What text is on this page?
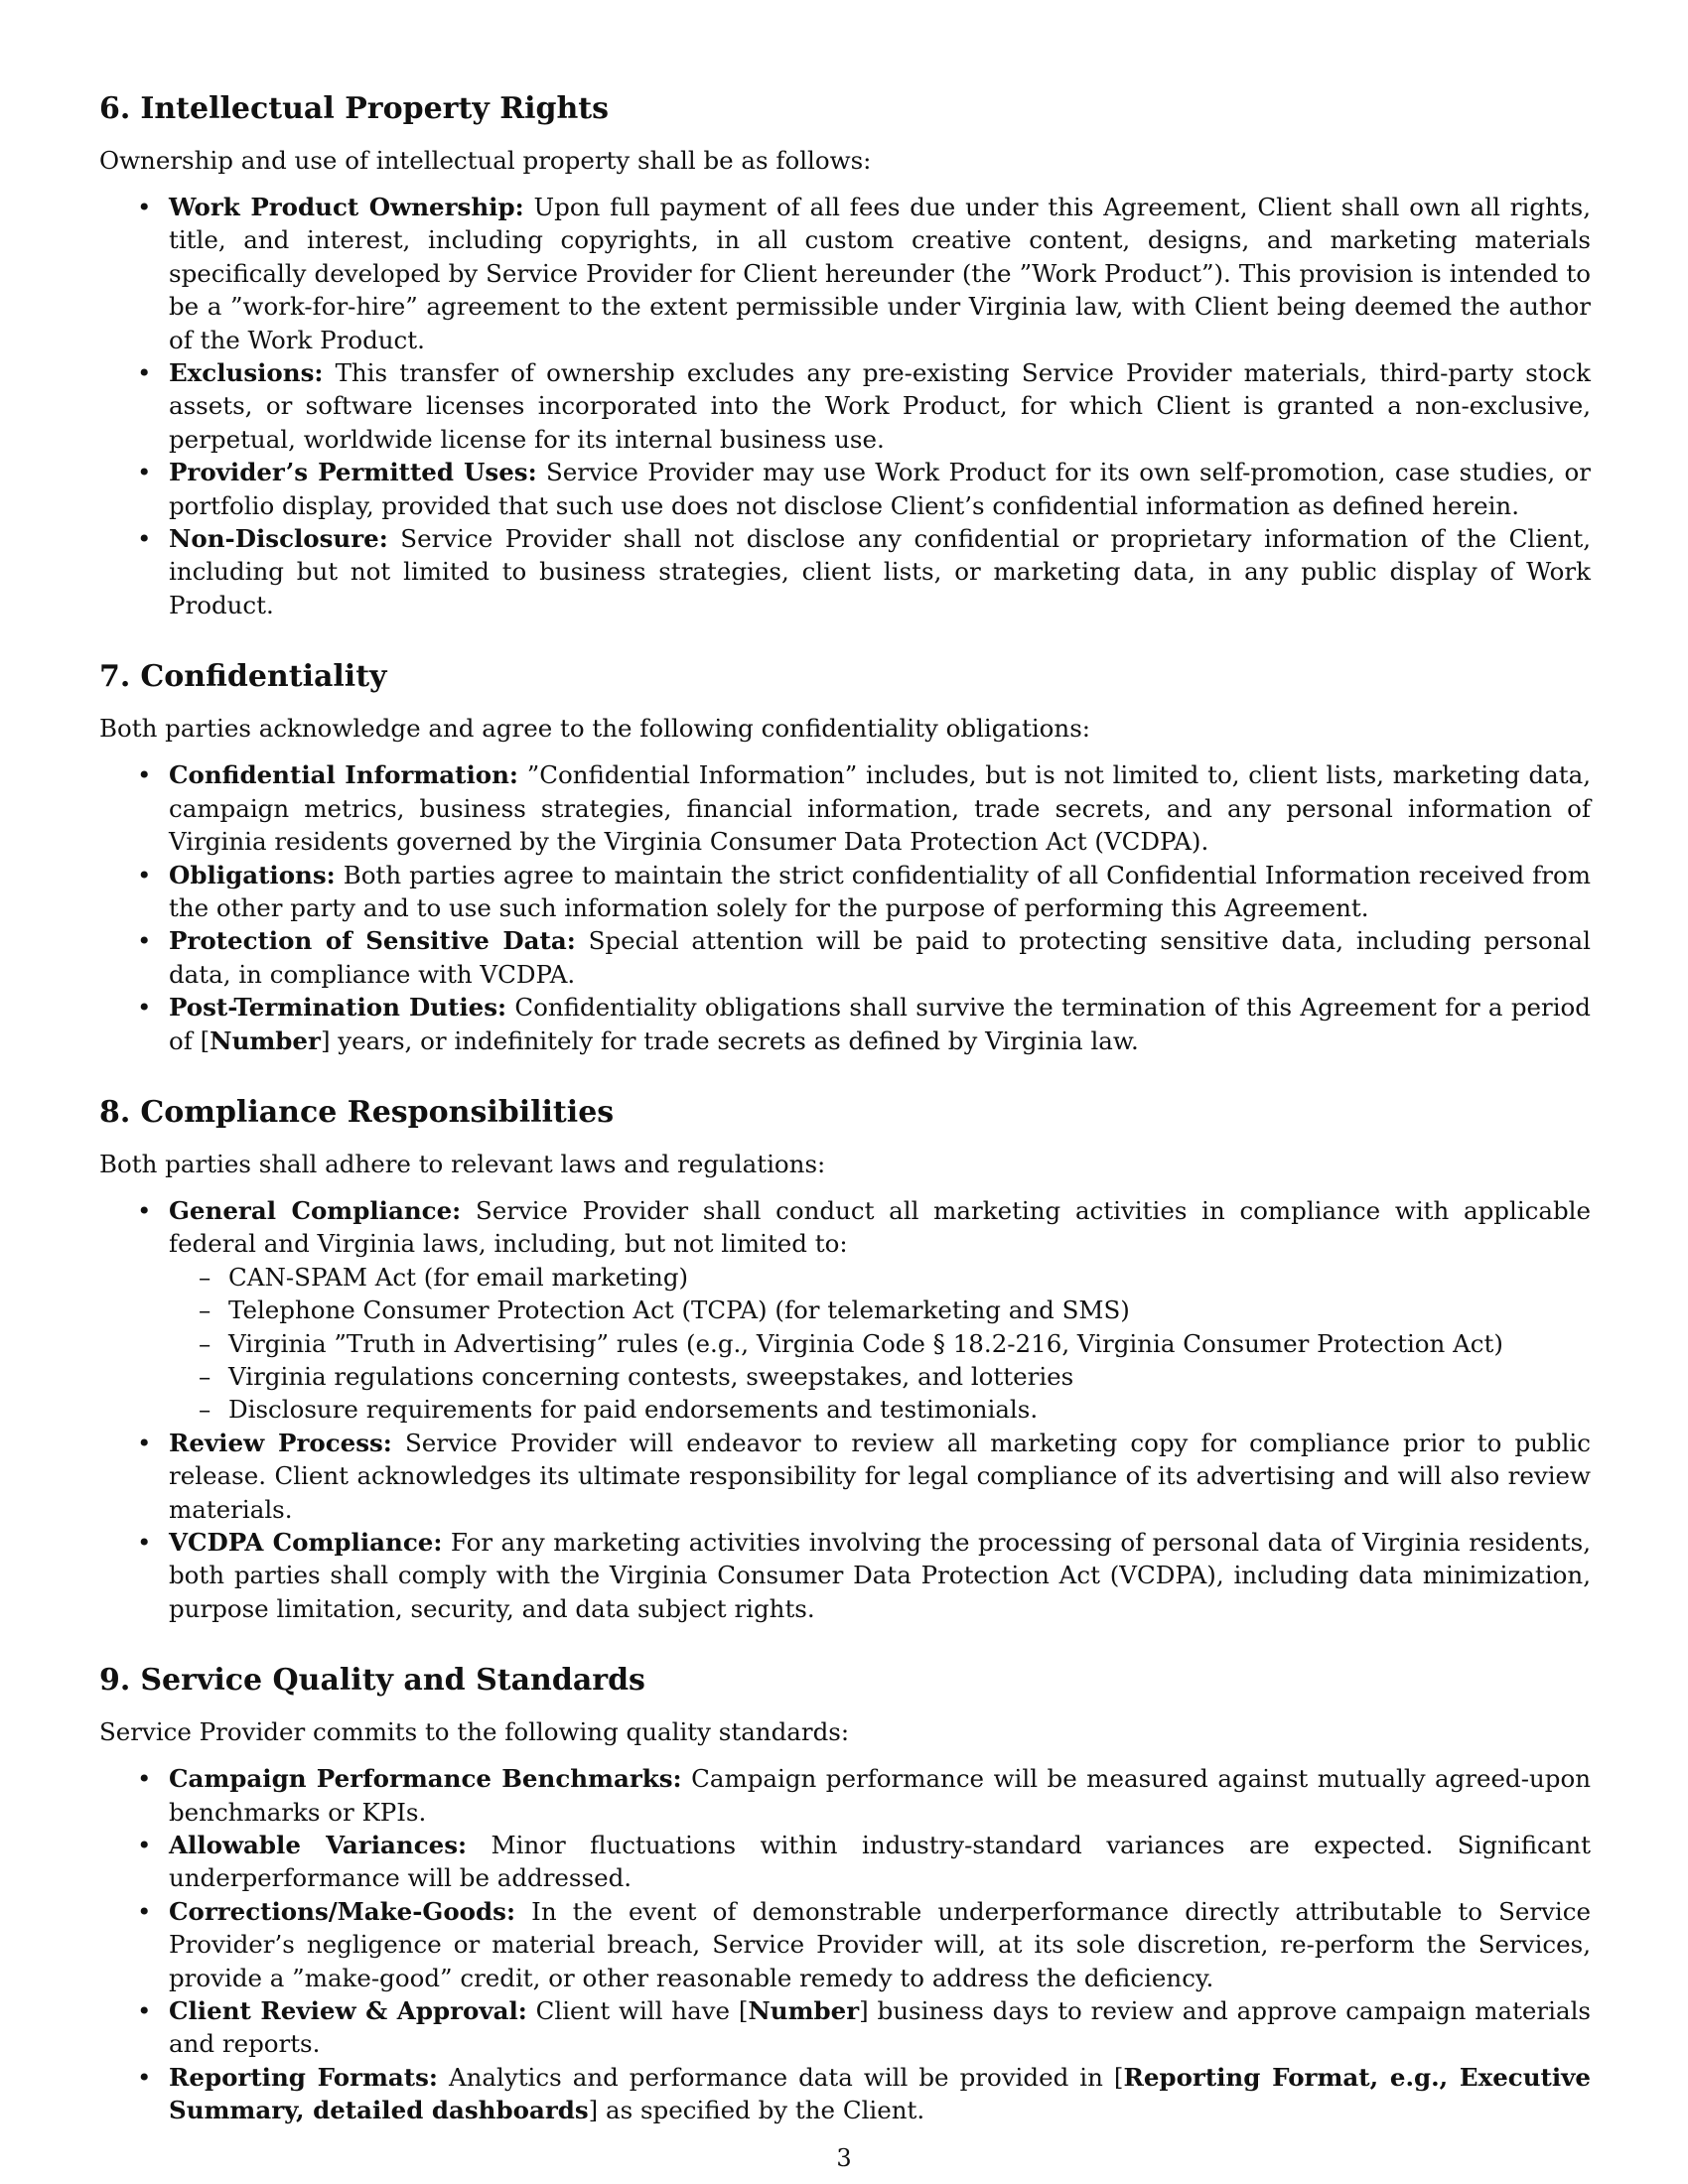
6. Intellectual Property Rights

Ownership and use of intellectual property shall be as follows:

• Work Product Ownership: Upon full payment of all fees due under this Agreement, Client shall own all rights, title, and interest, including copyrights, in all custom creative content, designs, and marketing materials specifically developed by Service Provider for Client hereunder (the ”Work Product”). This provision is intended to be a ”work-for-hire” agreement to the extent permissible under Virginia law, with Client being deemed the author of the Work Product.
• Exclusions: This transfer of ownership excludes any pre-existing Service Provider materials, third-party stock assets, or software licenses incorporated into the Work Product, for which Client is granted a non-exclusive, perpetual, worldwide license for its internal business use.
• Provider’s Permitted Uses: Service Provider may use Work Product for its own self-promotion, case studies, or portfolio display, provided that such use does not disclose Client’s confidential information as defined herein.
• Non-Disclosure: Service Provider shall not disclose any confidential or proprietary information of the Client, including but not limited to business strategies, client lists, or marketing data, in any public display of Work Product.
7. Confidentiality

Both parties acknowledge and agree to the following confidentiality obligations:

• Confidential Information: ”Confidential Information” includes, but is not limited to, client lists, marketing data, campaign metrics, business strategies, financial information, trade secrets, and any personal information of Virginia residents governed by the Virginia Consumer Data Protection Act (VCDPA).
• Obligations: Both parties agree to maintain the strict confidentiality of all Confidential Information received from the other party and to use such information solely for the purpose of performing this Agreement.
• Protection of Sensitive Data: Special attention will be paid to protecting sensitive data, including personal data, in compliance with VCDPA.
• Post-Termination Duties: Confidentiality obligations shall survive the termination of this Agreement for a period of [Number] years, or indefinitely for trade secrets as defined by Virginia law.
8. Compliance Responsibilities

Both parties shall adhere to relevant laws and regulations:

• General Compliance: Service Provider shall conduct all marketing activities in compliance with applicable federal and Virginia laws, including, but not limited to:
– CAN-SPAM Act (for email marketing)
– Telephone Consumer Protection Act (TCPA) (for telemarketing and SMS)
– Virginia ”Truth in Advertising” rules (e.g., Virginia Code § 18.2-216, Virginia Consumer Protection Act)
– Virginia regulations concerning contests, sweepstakes, and lotteries
– Disclosure requirements for paid endorsements and testimonials.
• Review Process: Service Provider will endeavor to review all marketing copy for compliance prior to public release. Client acknowledges its ultimate responsibility for legal compliance of its advertising and will also review materials.
• VCDPA Compliance: For any marketing activities involving the processing of personal data of Virginia residents, both parties shall comply with the Virginia Consumer Data Protection Act (VCDPA), including data minimization, purpose limitation, security, and data subject rights.
9. Service Quality and Standards

Service Provider commits to the following quality standards:

• Campaign Performance Benchmarks: Campaign performance will be measured against mutually agreed-upon benchmarks or KPIs.
• Allowable Variances: Minor fluctuations within industry-standard variances are expected. Significant underperformance will be addressed.
• Corrections/Make-Goods: In the event of demonstrable underperformance directly attributable to Service Provider’s negligence or material breach, Service Provider will, at its sole discretion, re-perform the Services, provide a ”make-good” credit, or other reasonable remedy to address the deficiency.
• Client Review & Approval: Client will have [Number] business days to review and approve campaign materials and reports.
• Reporting Formats: Analytics and performance data will be provided in [Reporting Format, e.g., Executive Summary, detailed dashboards] as specified by the Client.
3
